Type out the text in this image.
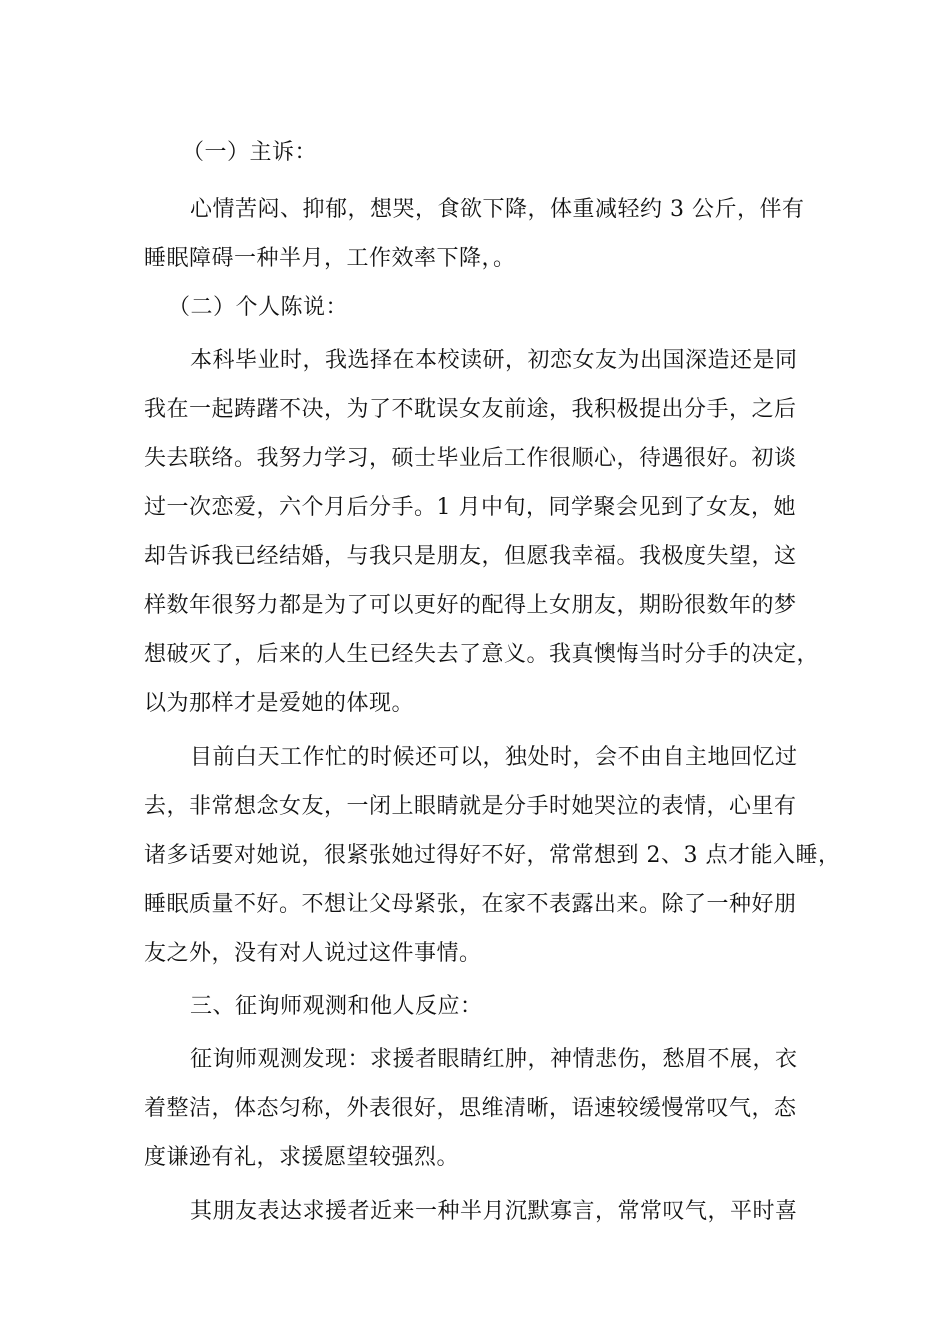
（一）主诉：
心情苦闷、抑郁，想哭，食欲下降，体重减轻约 3 公斤，伴有
睡眠障碍一种半月，工作效率下降，。
（二）个人陈说：
本科毕业时，我选择在本校读研，初恋女友为出国深造还是同
我在一起踌躇不决，为了不耽误女友前途，我积极提出分手，之后
失去联络。我努力学习，硕士毕业后工作很顺心，待遇很好。初谈
过一次恋爱，六个月后分手。1 月中旬，同学聚会见到了女友，她
却告诉我已经结婚，与我只是朋友，但愿我幸福。我极度失望，这
样数年很努力都是为了可以更好的配得上女朋友，期盼很数年的梦
想破灭了，后来的人生已经失去了意义。我真懊悔当时分手的决定，
以为那样才是爱她的体现。
目前白天工作忙的时候还可以，独处时，会不由自主地回忆过
去，非常想念女友，一闭上眼睛就是分手时她哭泣的表情，心里有
诸多话要对她说，很紧张她过得好不好，常常想到 2、3 点才能入睡，
睡眠质量不好。不想让父母紧张，在家不表露出来。除了一种好朋
友之外，没有对人说过这件事情。
三、征询师观测和他人反应：
征询师观测发现：求援者眼睛红肿，神情悲伤，愁眉不展，衣
着整洁，体态匀称，外表很好，思维清晰，语速较缓慢常叹气，态
度谦逊有礼，求援愿望较强烈。
其朋友表达求援者近来一种半月沉默寡言，常常叹气，平时喜
